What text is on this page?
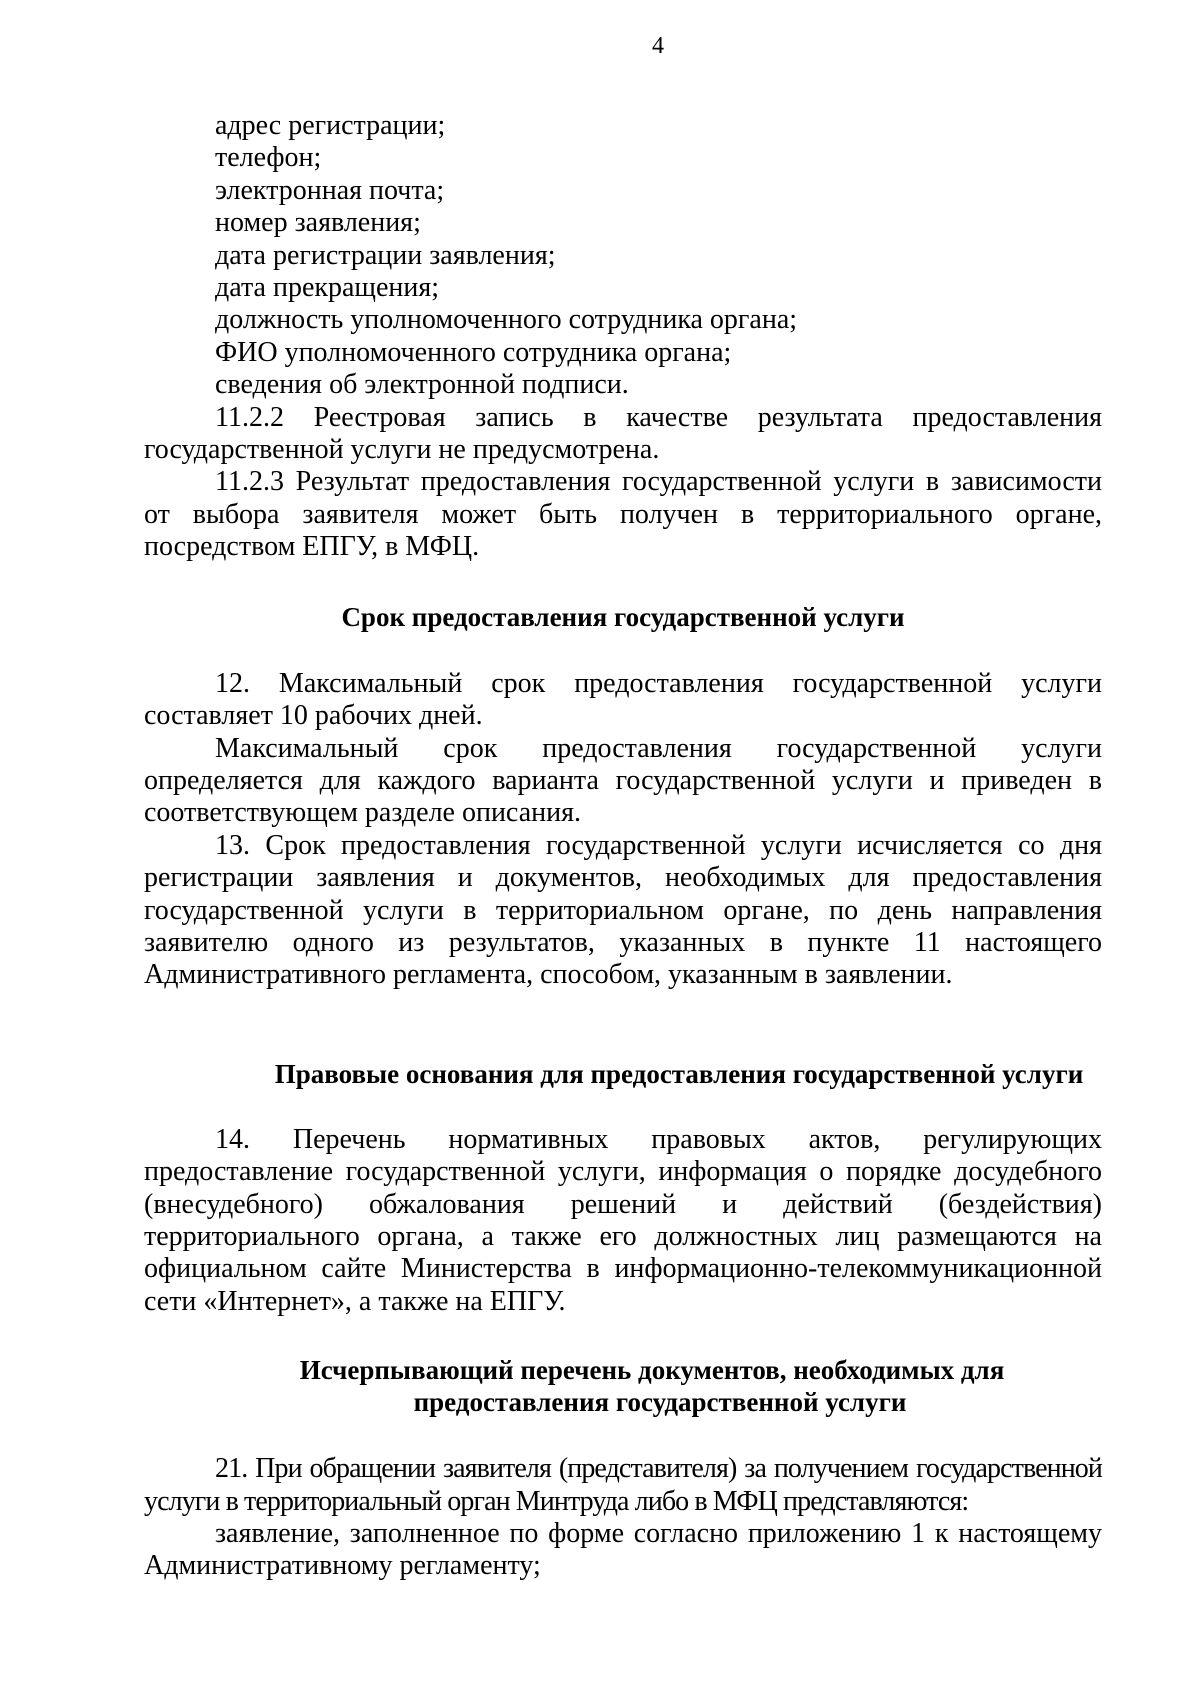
4
адрес регистрации;
телефон;
электронная почта;
номер заявления;
дата регистрации заявления;
дата прекращения;
должность уполномоченного сотрудника органа;
ФИО уполномоченного сотрудника органа;
сведения об электронной подписи.
11.2.2 Реестровая запись в качестве результата предоставления государственной услуги не предусмотрена.
11.2.3 Результат предоставления государственной услуги в зависимости от выбора заявителя может быть получен в территориального органе, посредством ЕПГУ, в МФЦ.
Срок предоставления государственной услуги
12. Максимальный срок предоставления государственной услуги составляет 10 рабочих дней.
Максимальный срок предоставления государственной услуги определяется для каждого варианта государственной услуги и приведен в соответствующем разделе описания.
13. Срок предоставления государственной услуги исчисляется со дня регистрации заявления и документов, необходимых для предоставления государственной услуги в территориальном органе, по день направления заявителю одного из результатов, указанных в пункте 11 настоящего Административного регламента, способом, указанным в заявлении.
Правовые основания для предоставления государственной услуги
14. Перечень нормативных правовых актов, регулирующих предоставление государственной услуги, информация о порядке досудебного (внесудебного) обжалования решений и действий (бездействия) территориального органа, а также его должностных лиц размещаются на официальном сайте Министерства в информационно-телекоммуникационной сети «Интернет», а также на ЕПГУ.
Исчерпывающий перечень документов, необходимых для
предоставления государственной услуги
21. При обращении заявителя (представителя) за получением государственной услуги в территориальный орган Минтруда либо в МФЦ представляются:
заявление, заполненное по форме согласно приложению 1 к настоящему Административному регламенту;
